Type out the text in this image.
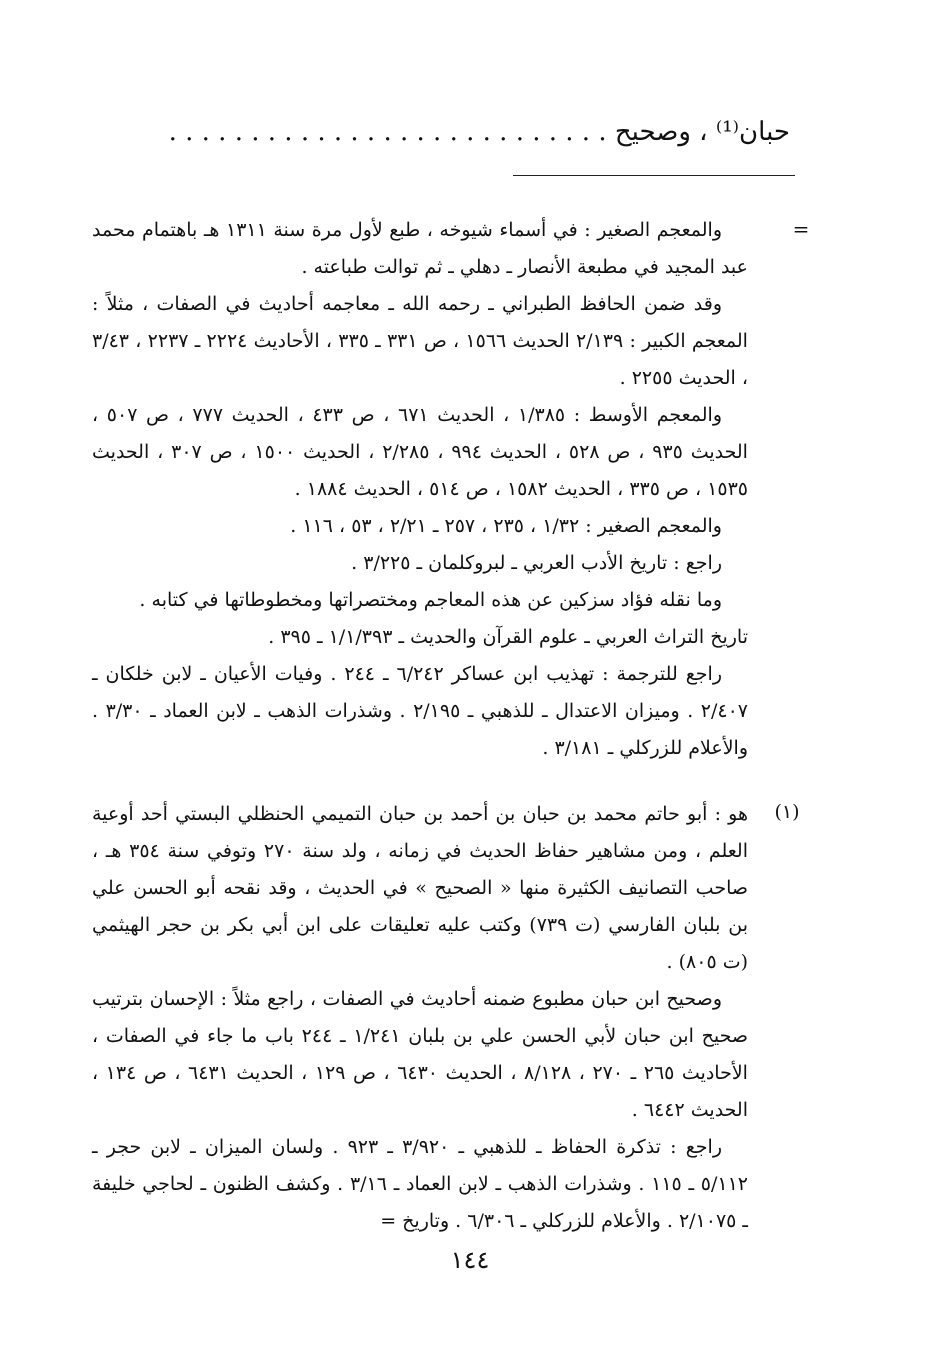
حبان⁽¹⁾ ، وصحيح . . . . . . . . . . . . . . . . . . . . . . . . . . .
=

والمعجم الصغير : في أسماء شيوخه ، طبع لأول مرة سنة ١٣١١ هـ باهتمام محمد عبد المجيد في مطبعة الأنصار ـ دهلي ـ ثم توالت طباعته .

وقد ضمن الحافظ الطبراني ـ رحمه الله ـ معاجمه أحاديث في الصفات ، مثلاً : المعجم الكبير : ٢/١٣٩ الحديث ١٥٦٦ ، ص ٣٣١ ـ ٣٣٥ ، الأحاديث ٢٢٢٤ ـ ٢٢٣٧ ، ٣/٤٣ ، الحديث ٢٢٥٥ .

والمعجم الأوسط : ١/٣٨٥ ، الحديث ٦٧١ ، ص ٤٣٣ ، الحديث ٧٧٧ ، ص ٥٠٧ ، الحديث ٩٣٥ ، ص ٥٢٨ ، الحديث ٩٩٤ ، ٢/٢٨٥ ، الحديث ١٥٠٠ ، ص ٣٠٧ ، الحديث ١٥٣٥ ، ص ٣٣٥ ، الحديث ١٥٨٢ ، ص ٥١٤ ، الحديث ١٨٨٤ .

والمعجم الصغير : ١/٣٢ ، ٢٣٥ ، ٢٥٧ ـ ٢/٢١ ، ٥٣ ، ١١٦ .

راجع : تاريخ الأدب العربي ـ لبروكلمان ـ ٣/٢٢٥ .

وما نقله فؤاد سزكين عن هذه المعاجم ومختصراتها ومخطوطاتها في كتابه .

تاريخ التراث العربي ـ علوم القرآن والحديث ـ ١/١/٣٩٣ ـ ٣٩٥ .

راجع للترجمة : تهذيب ابن عساكر ٦/٢٤٢ ـ ٢٤٤ . وفيات الأعيان ـ لابن خلكان ـ ٢/٤٠٧ . وميزان الاعتدال ـ للذهبي ـ ٢/١٩٥ . وشذرات الذهب ـ لابن العماد ـ ٣/٣٠ . والأعلام للزركلي ـ ٣/١٨١ .

(١)

هو : أبو حاتم محمد بن حبان بن أحمد بن حبان التميمي الحنظلي البستي أحد أوعية العلم ، ومن مشاهير حفاظ الحديث في زمانه ، ولد سنة ٢٧٠ وتوفي سنة ٣٥٤ هـ ، صاحب التصانيف الكثيرة منها « الصحيح » في الحديث ، وقد نقحه أبو الحسن علي بن بلبان الفارسي (ت ٧٣٩) وكتب عليه تعليقات على ابن أبي بكر بن حجر الهيثمي (ت ٨٠٥) .

وصحيح ابن حبان مطبوع ضمنه أحاديث في الصفات ، راجع مثلاً : الإحسان بترتيب صحيح ابن حبان لأبي الحسن علي بن بلبان ١/٢٤١ ـ ٢٤٤ باب ما جاء في الصفات ، الأحاديث ٢٦٥ ـ ٢٧٠ ، ٨/١٢٨ ، الحديث ٦٤٣٠ ، ص ١٢٩ ، الحديث ٦٤٣١ ، ص ١٣٤ ، الحديث ٦٤٤٢ .

راجع : تذكرة الحفاظ ـ للذهبي ـ ٣/٩٢٠ ـ ٩٢٣ . ولسان الميزان ـ لابن حجر ـ ٥/١١٢ ـ ١١٥ . وشذرات الذهب ـ لابن العماد ـ ٣/١٦ . وكشف الظنون ـ لحاجي خليفة ـ ٢/١٠٧٥ . والأعلام للزركلي ـ ٦/٣٠٦ . وتاريخ =

١٤٤
